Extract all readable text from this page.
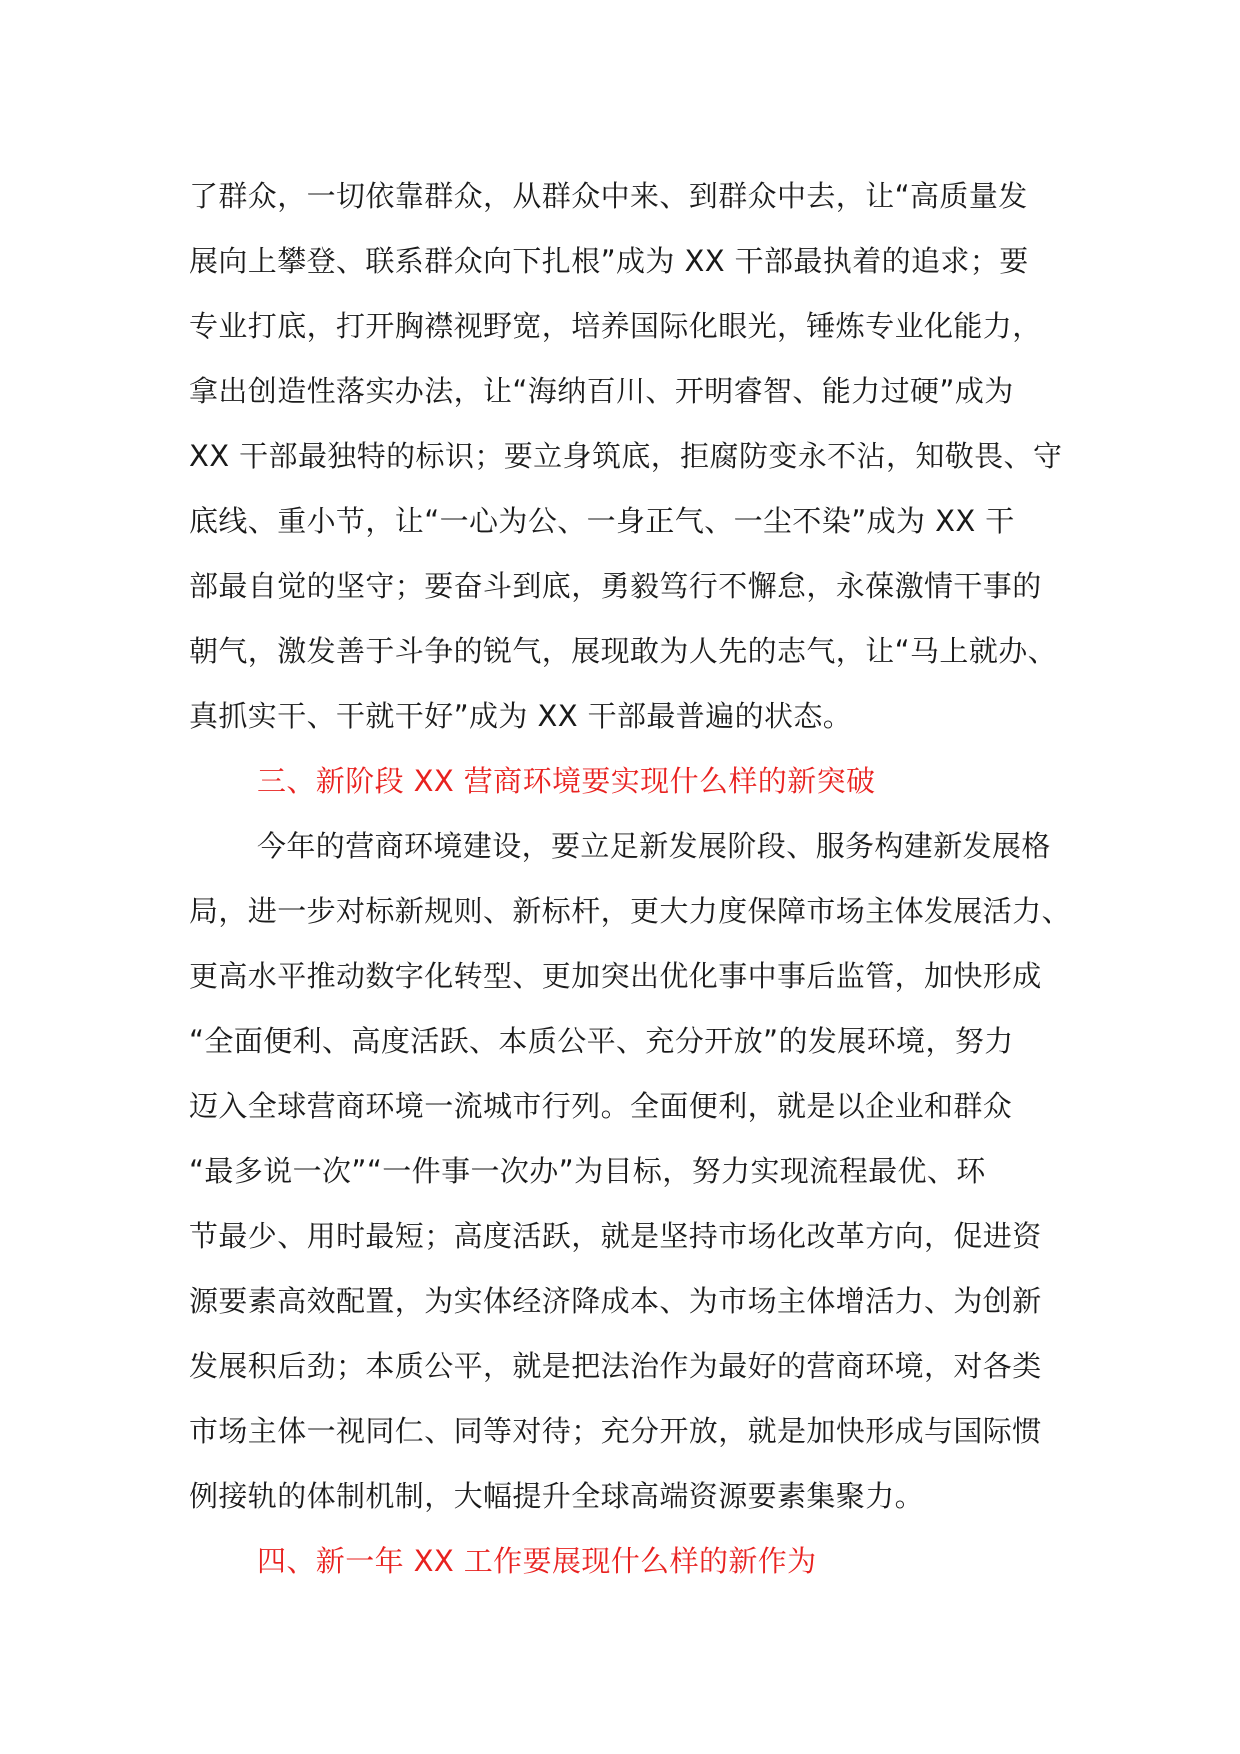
了群众，一切依靠群众，从群众中来、到群众中去，让“高质量发
展向上攀登、联系群众向下扎根”成为 XX 干部最执着的追求；要
专业打底，打开胸襟视野宽，培养国际化眼光，锤炼专业化能力，
拿出创造性落实办法，让“海纳百川、开明睿智、能力过硬”成为
XX 干部最独特的标识；要立身筑底，拒腐防变永不沾，知敬畏、守
底线、重小节，让“一心为公、一身正气、一尘不染”成为 XX 干
部最自觉的坚守；要奋斗到底，勇毅笃行不懈怠，永葆激情干事的
朝气，激发善于斗争的锐气，展现敢为人先的志气，让“马上就办、
真抓实干、干就干好”成为 XX 干部最普遍的状态。
三、新阶段 XX 营商环境要实现什么样的新突破
今年的营商环境建设，要立足新发展阶段、服务构建新发展格
局，进一步对标新规则、新标杆，更大力度保障市场主体发展活力、
更高水平推动数字化转型、更加突出优化事中事后监管，加快形成
“全面便利、高度活跃、本质公平、充分开放”的发展环境，努力
迈入全球营商环境一流城市行列。全面便利，就是以企业和群众
“最多说一次”“一件事一次办”为目标，努力实现流程最优、环
节最少、用时最短；高度活跃，就是坚持市场化改革方向，促进资
源要素高效配置，为实体经济降成本、为市场主体增活力、为创新
发展积后劲；本质公平，就是把法治作为最好的营商环境，对各类
市场主体一视同仁、同等对待；充分开放，就是加快形成与国际惯
例接轨的体制机制，大幅提升全球高端资源要素集聚力。
四、新一年 XX 工作要展现什么样的新作为
